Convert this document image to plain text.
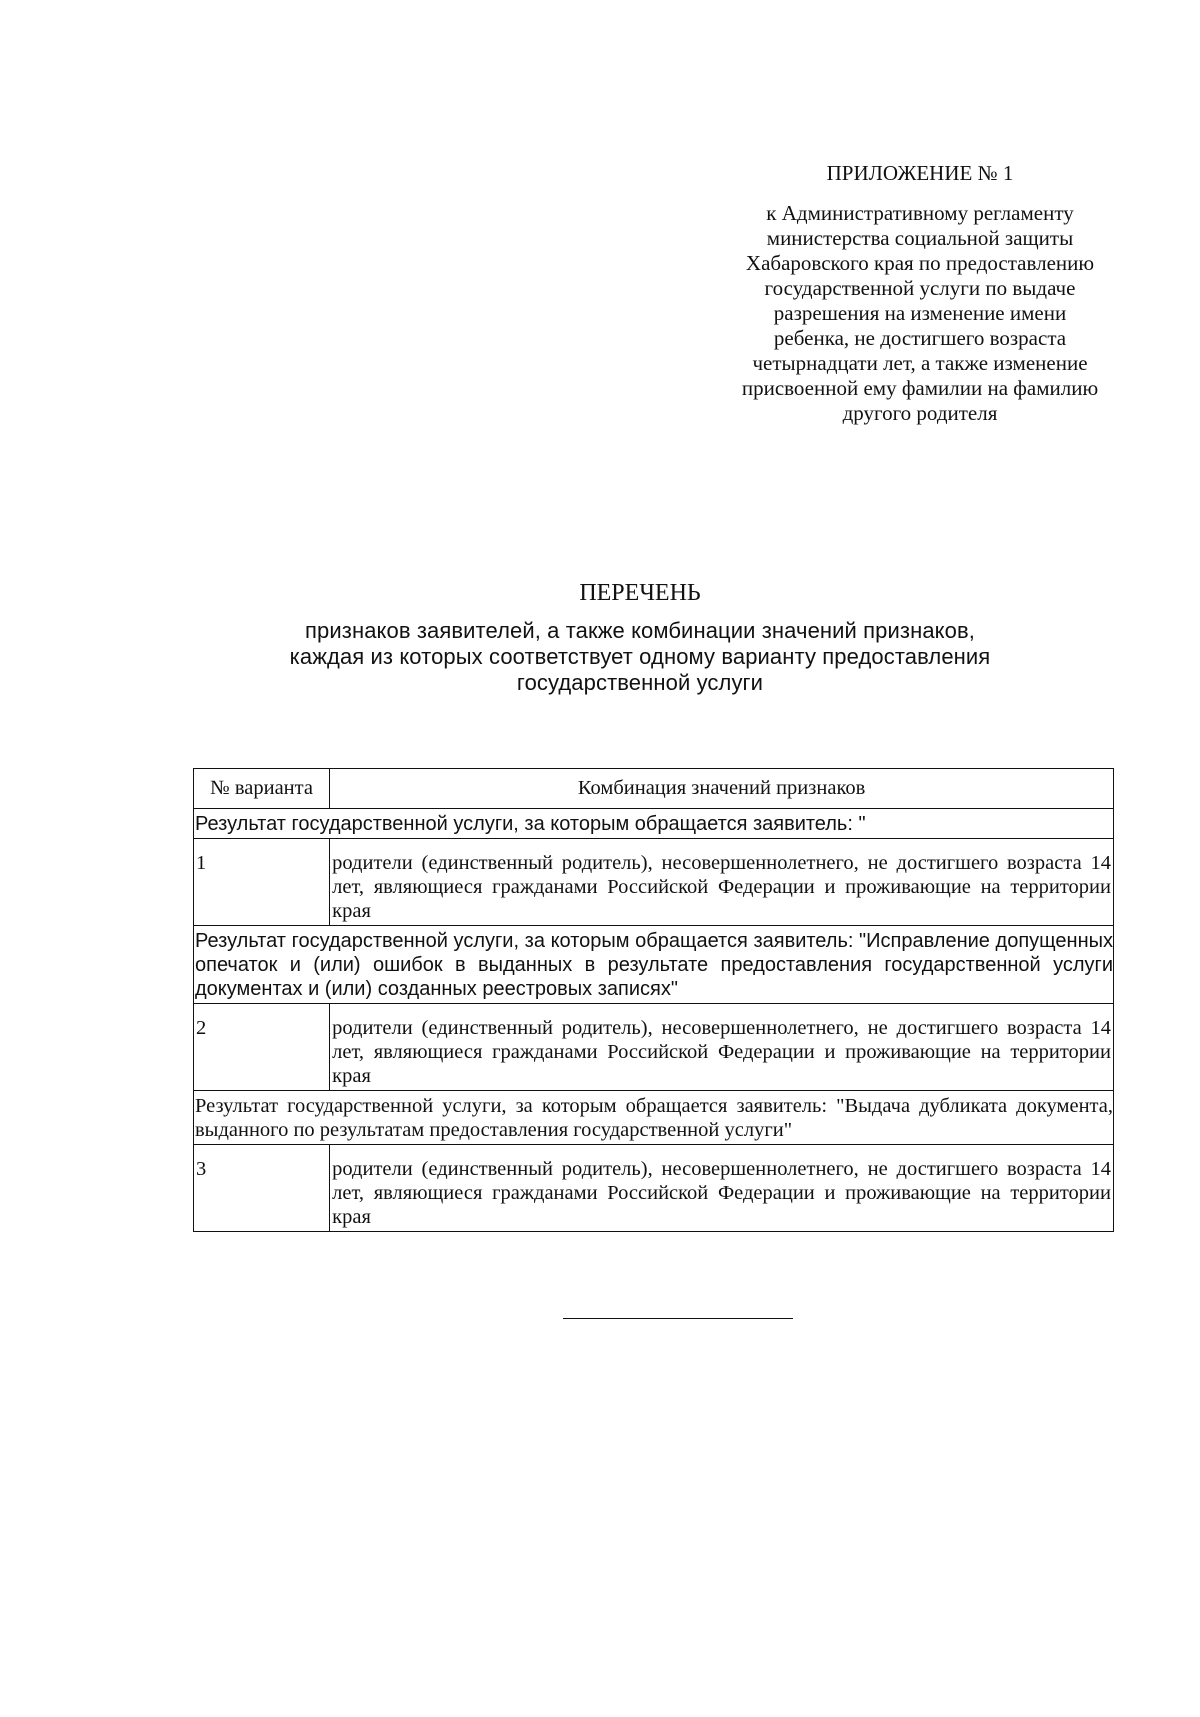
ПРИЛОЖЕНИЕ № 1

к Административному регламенту

министерства социальной защиты

Хабаровского края по предоставлению

государственной услуги по выдаче

разрешения на изменение имени

ребенка, не достигшего возраста

четырнадцати лет, а также изменение

присвоенной ему фамилии на фамилию

другого родителя

ПЕРЕЧЕНЬ

признаков заявителей, а также комбинации значений признаков,

каждая из которых соответствует одному варианту предоставления

государственной услуги

№ варианта	Комбинация значений признаков

Результат государственной услуги, за которым обращается заявитель: "	

1	родители (единственный родитель), несовершеннолетнего, не достигшего возраста 14 лет, являющиеся гражданами Российской Федерации и проживающие на территории края

Результат государственной услуги, за которым обращается заявитель: "Исправление допущенных опечаток и (или) ошибок в выданных в результате предоставления государственной услуги документах и (или) созданных реестровых записях"	

2	родители (единственный родитель), несовершеннолетнего, не достигшего возраста 14 лет, являющиеся гражданами Российской Федерации и проживающие на территории края

Результат государственной услуги, за которым обращается заявитель: "Выдача дубликата документа, выданного по результатам предоставления государственной услуги"	

3	родители (единственный родитель), несовершеннолетнего, не достигшего возраста 14 лет, являющиеся гражданами Российской Федерации и проживающие на территории края
